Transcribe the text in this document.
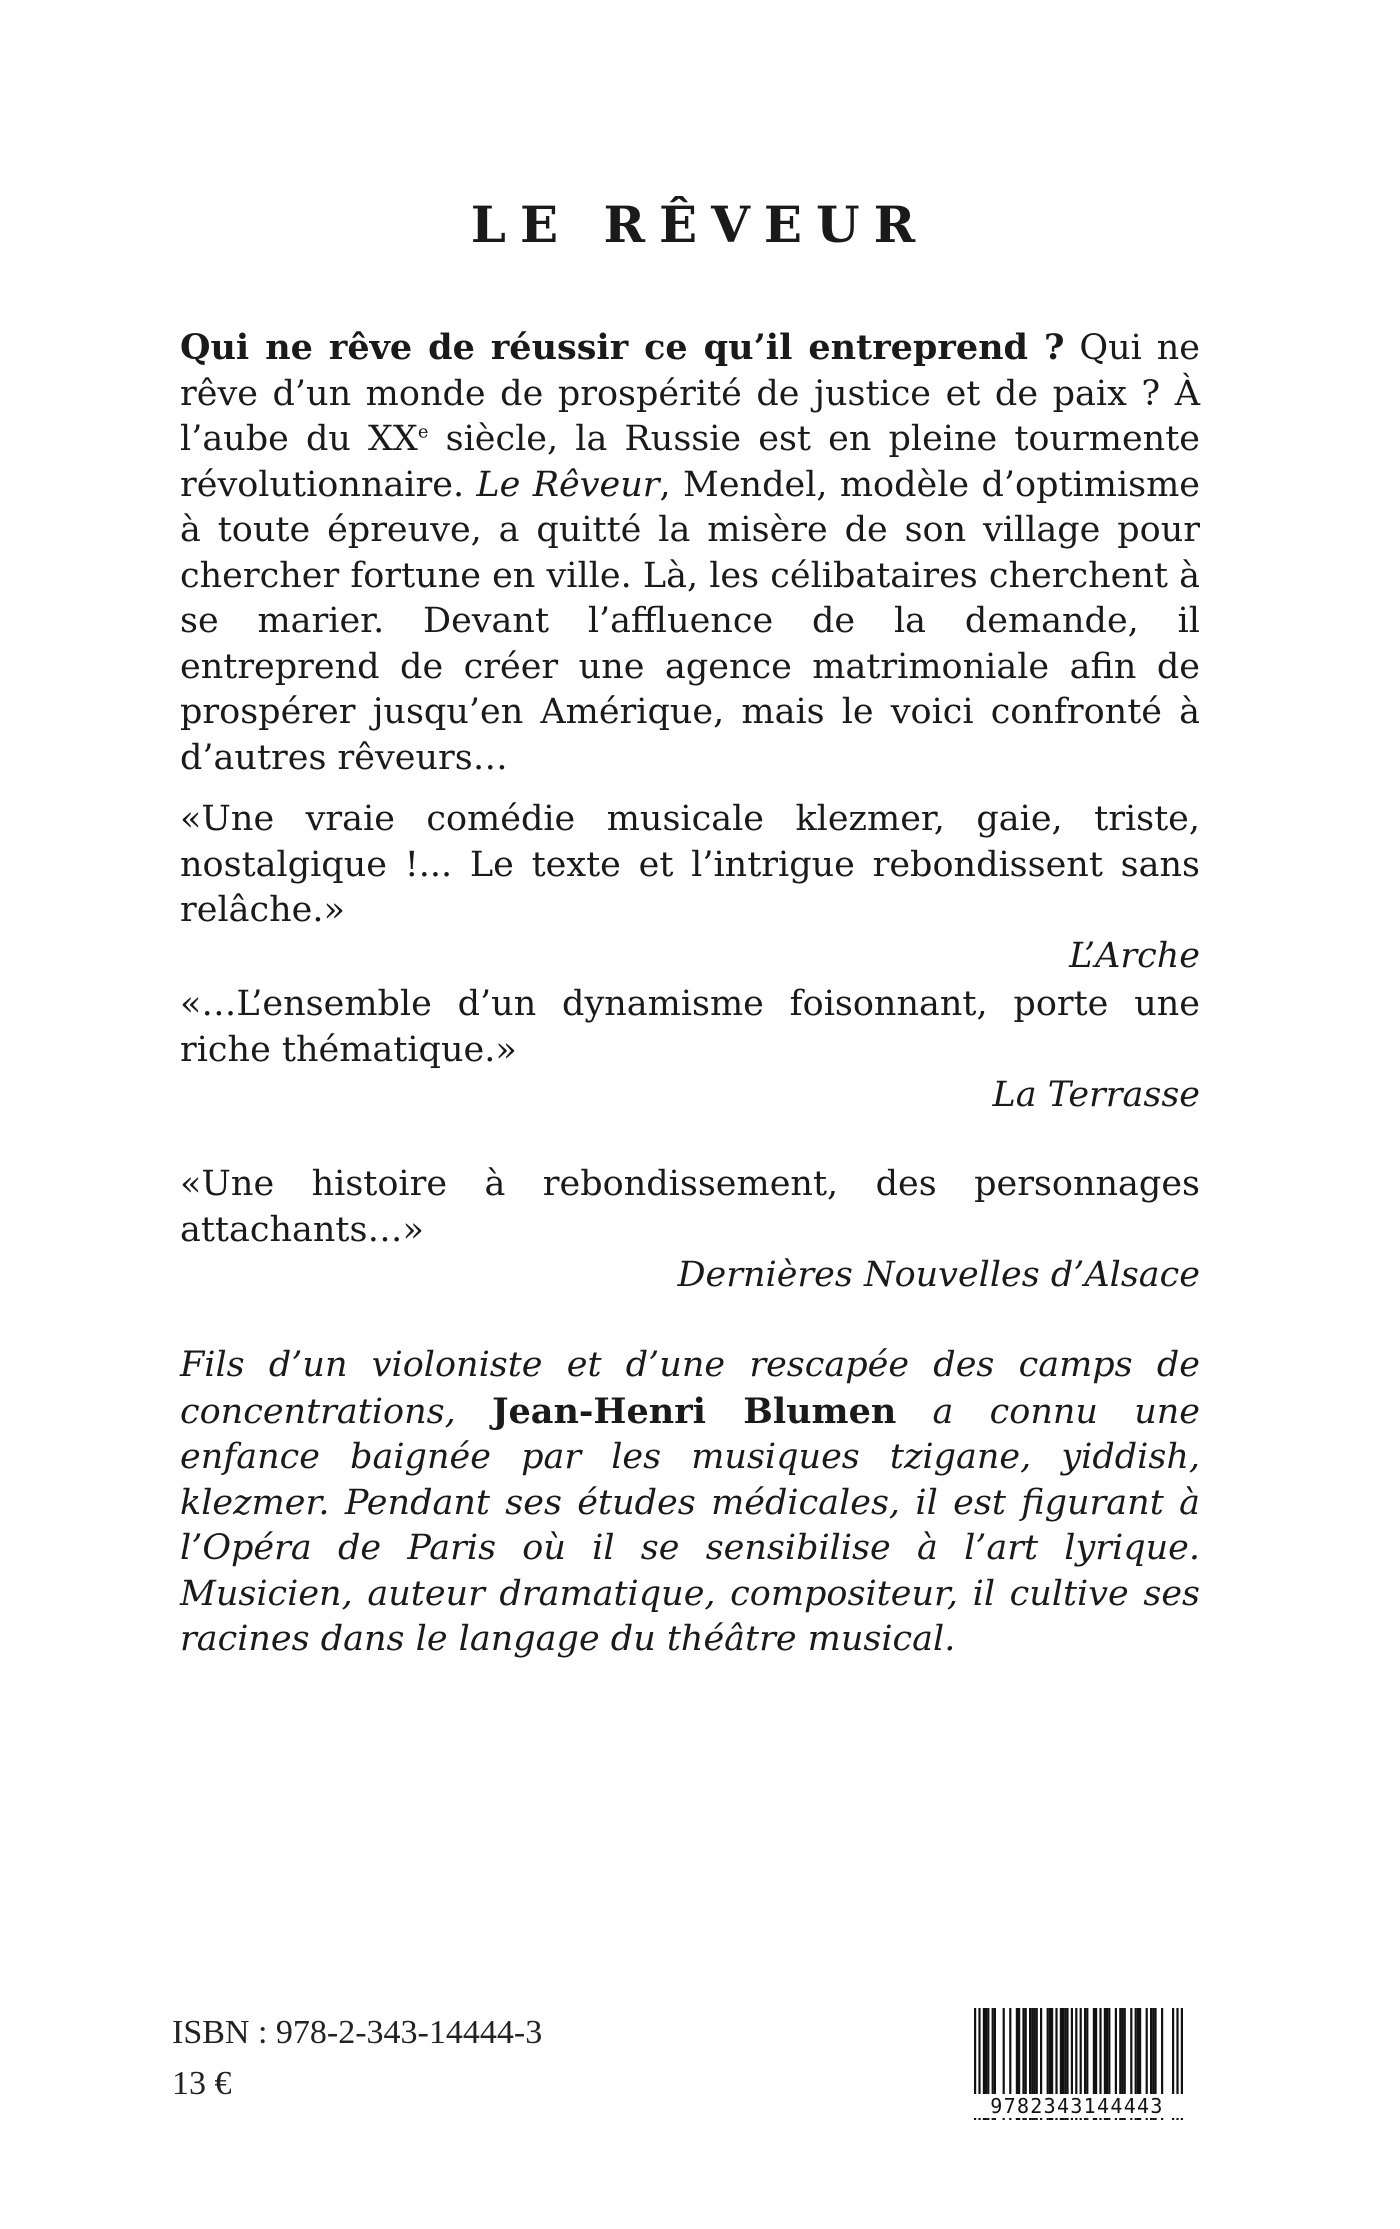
LE RÊVEUR
Qui ne rêve de réussir ce qu’il entreprend ? Qui ne rêve d’un monde de prospérité de justice et de paix ? À l’aube du XXe siècle, la Russie est en pleine tourmente révolutionnaire. Le Rêveur, Mendel, modèle d’optimisme à toute épreuve, a quitté la misère de son village pour chercher fortune en ville. Là, les célibataires cherchent à se marier. Devant l’affluence de la demande, il entreprend de créer une agence matrimoniale afin de prospérer jusqu’en Amérique, mais le voici confronté à d’autres rêveurs…
«Une vraie comédie musicale klezmer, gaie, triste, nostalgique !... Le texte et l’intrigue rebondissent sans relâche.»
L’Arche
«…L’ensemble d’un dynamisme foisonnant, porte une riche thématique.»
La Terrasse
«Une histoire à rebondissement, des personnages attachants…»
Dernières Nouvelles d’Alsace
Fils d’un violoniste et d’une rescapée des camps de concentrations, Jean-Henri Blumen a connu une enfance baignée par les musiques tzigane, yiddish, klezmer. Pendant ses études médicales, il est figurant à l’Opéra de Paris où il se sensibilise à l’art lyrique. Musicien, auteur dramatique, compositeur, il cultive ses racines dans le langage du théâtre musical.
ISBN : 978-2-343-14444-3
13 €
9782343144443
